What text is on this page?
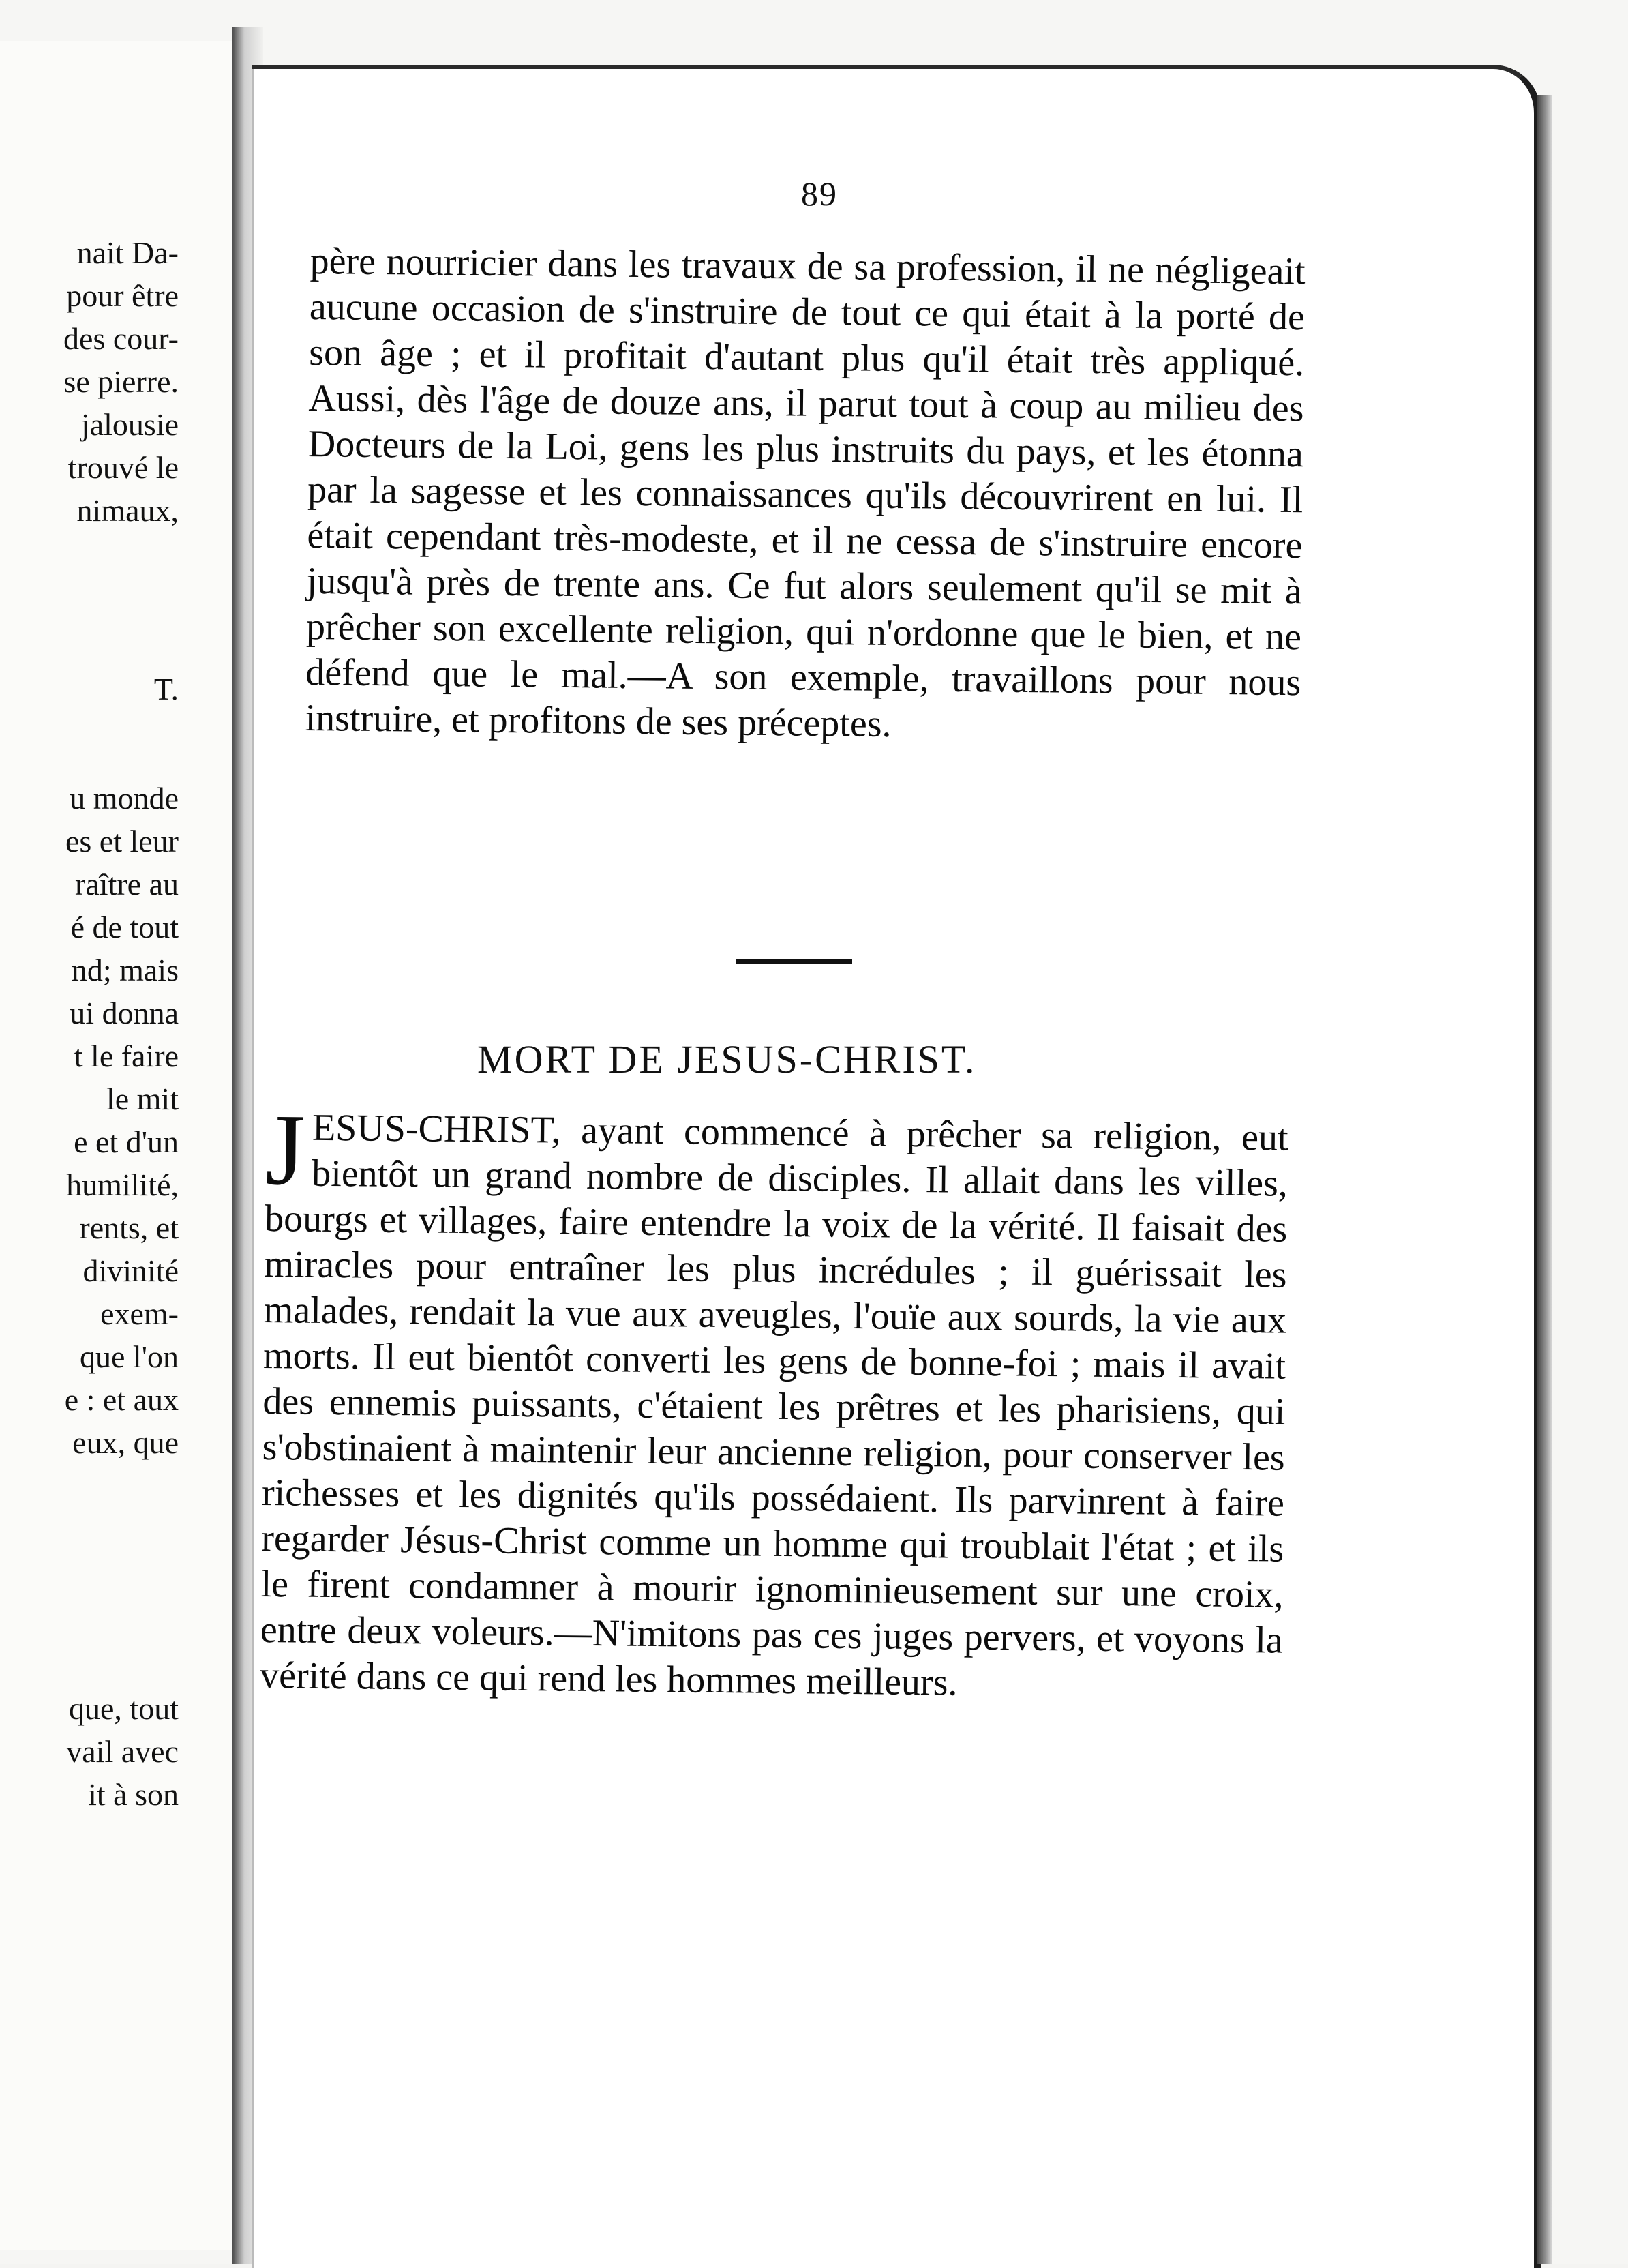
nait Da-

pour être

des cour-

se pierre.

jalousie

trouvé le

nimaux,

T.

u monde

es et leur

raître au

é de tout

nd; mais

ui donna

t le faire

le mit

e et d'un

humilité,

rents, et

divinité

exem-

que l'on

e : et aux

eux, que

que, tout

vail avec

it à son

89

père nourricier dans les travaux de sa profession, il ne négligeait aucune occasion de s'instruire de tout ce qui était à la porté de son âge ; et il profitait d'autant plus qu'il était très appliqué. Aussi, dès l'âge de douze ans, il parut tout à coup au milieu des Docteurs de la Loi, gens les plus instruits du pays, et les étonna par la sagesse et les connaissances qu'ils découvrirent en lui. Il était cependant très-modeste, et il ne cessa de s'instruire encore jusqu'à près de trente ans. Ce fut alors seulement qu'il se mit à prêcher son excellente religion, qui n'ordonne que le bien, et ne défend que le mal.—A son exemple, travaillons pour nous instruire, et profitons de ses préceptes.

MORT DE JESUS-CHRIST.

JESUS-CHRIST, ayant commencé à prêcher sa religion, eut bientôt un grand nombre de disciples. Il allait dans les villes, bourgs et villages, faire entendre la voix de la vérité. Il faisait des miracles pour entraîner les plus incrédules ; il guérissait les malades, rendait la vue aux aveugles, l'ouïe aux sourds, la vie aux morts. Il eut bientôt converti les gens de bonne-foi ; mais il avait des ennemis puissants, c'étaient les prêtres et les pharisiens, qui s'obstinaient à maintenir leur ancienne religion, pour conserver les richesses et les dignités qu'ils possédaient. Ils parvinrent à faire regarder Jésus-Christ comme un homme qui troublait l'état ; et ils le firent condamner à mourir ignominieusement sur une croix, entre deux voleurs.—N'imitons pas ces juges pervers, et voyons la vérité dans ce qui rend les hommes meilleurs.
